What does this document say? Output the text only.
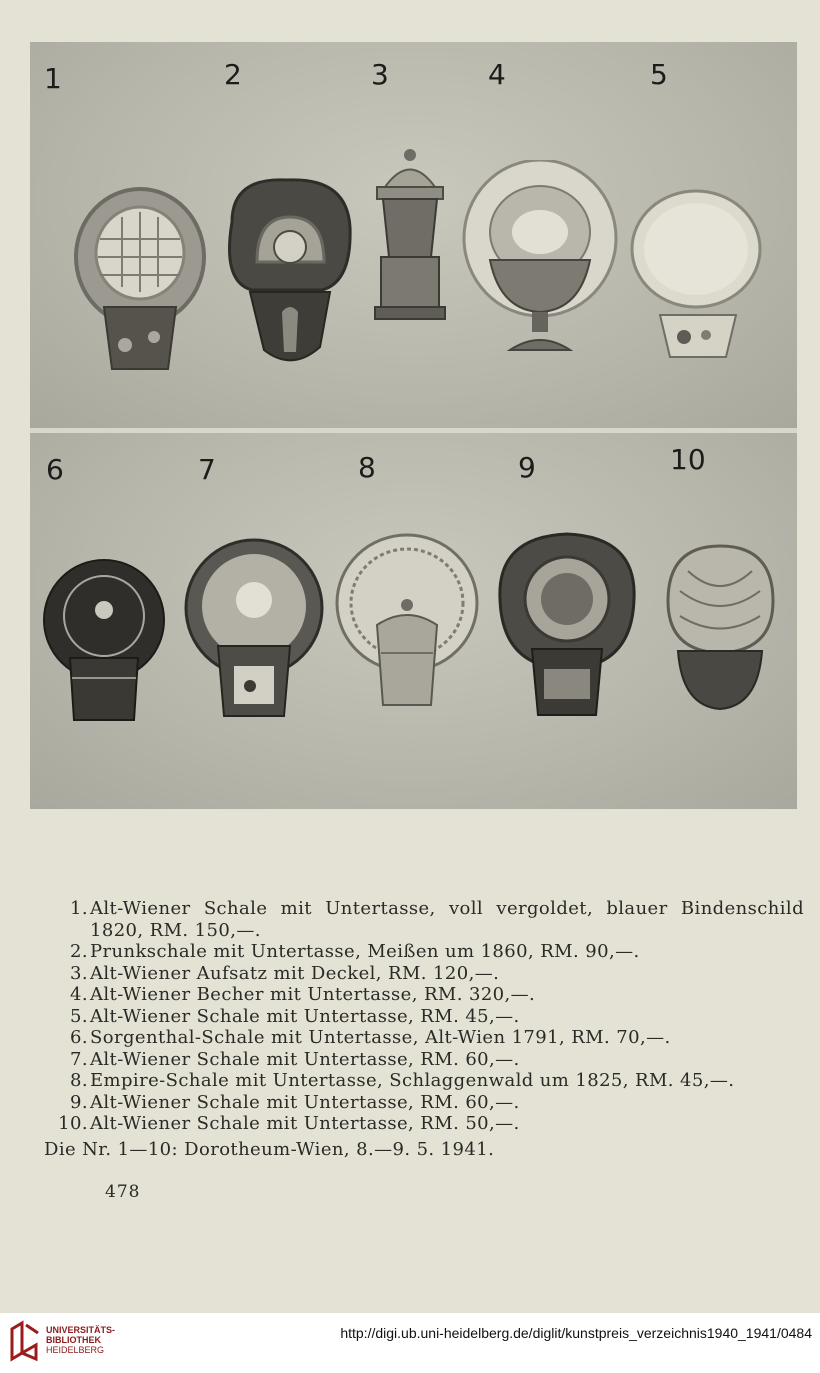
1	2	3	4	5
6	7	8	9	10
1. Alt-Wiener Schale mit Untertasse, voll vergoldet, blauer Bindenschild 1820, RM. 150,—.
2. Prunkschale mit Untertasse, Meißen um 1860, RM. 90,—.
3. Alt-Wiener Aufsatz mit Deckel, RM. 120,—.
4. Alt-Wiener Becher mit Untertasse, RM. 320,—.
5. Alt-Wiener Schale mit Untertasse, RM. 45,—.
6. Sorgenthal-Schale mit Untertasse, Alt-Wien 1791, RM. 70,—.
7. Alt-Wiener Schale mit Untertasse, RM. 60,—.
8. Empire-Schale mit Untertasse, Schlaggenwald um 1825, RM. 45,—.
9. Alt-Wiener Schale mit Untertasse, RM. 60,—.
10. Alt-Wiener Schale mit Untertasse, RM. 50,—.
Die Nr. 1—10: Dorotheum-Wien, 8.—9. 5. 1941.
478
UNIVERSITÄTS-
BIBLIOTHEK
HEIDELBERG
http://digi.ub.uni-heidelberg.de/diglit/kunstpreis_verzeichnis1940_1941/0484
